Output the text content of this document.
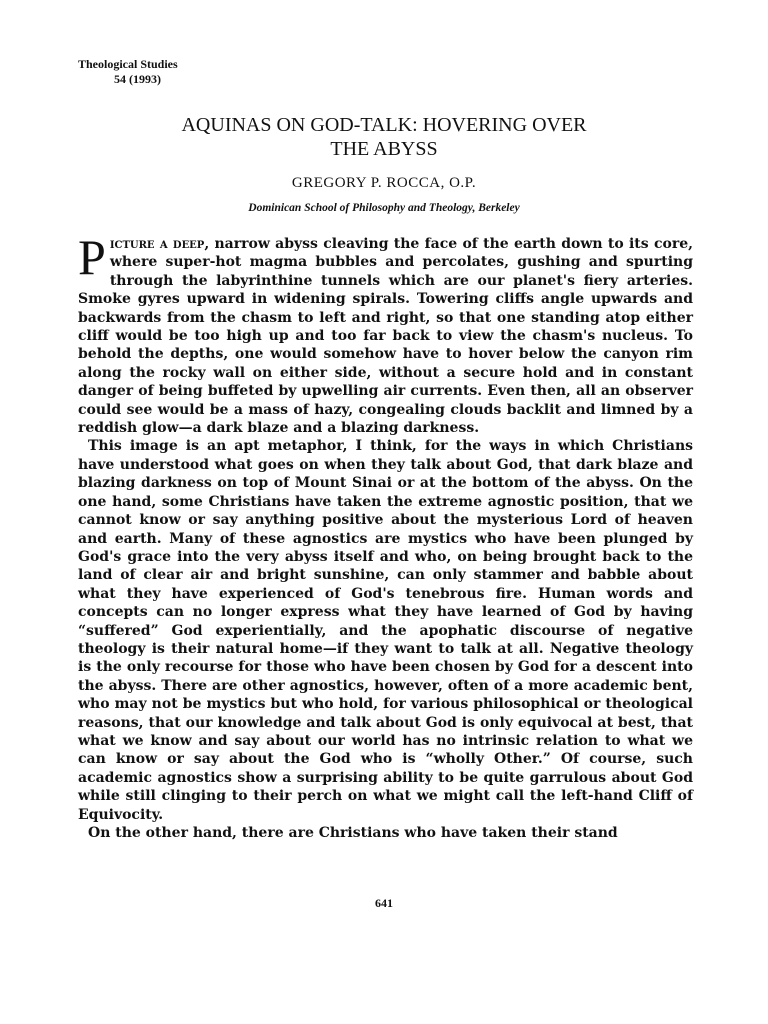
Theological Studies
54 (1993)
AQUINAS ON GOD-TALK: HOVERING OVER
THE ABYSS
GREGORY P. ROCCA, O.P.
Dominican School of Philosophy and Theology, Berkeley

Picture a deep, narrow abyss cleaving the face of the earth down to its core, where super-hot magma bubbles and percolates, gushing and spurting through the labyrinthine tunnels which are our planet's fiery arteries. Smoke gyres upward in widening spirals. Towering cliffs angle upwards and backwards from the chasm to left and right, so that one standing atop either cliff would be too high up and too far back to view the chasm's nucleus. To behold the depths, one would somehow have to hover below the canyon rim along the rocky wall on either side, without a secure hold and in constant danger of being buffeted by upwelling air currents. Even then, all an observer could see would be a mass of hazy, congealing clouds backlit and limned by a reddish glow—a dark blaze and a blazing darkness.

This image is an apt metaphor, I think, for the ways in which Christians have understood what goes on when they talk about God, that dark blaze and blazing darkness on top of Mount Sinai or at the bottom of the abyss. On the one hand, some Christians have taken the extreme agnostic position, that we cannot know or say anything positive about the mysterious Lord of heaven and earth. Many of these agnostics are mystics who have been plunged by God's grace into the very abyss itself and who, on being brought back to the land of clear air and bright sunshine, can only stammer and babble about what they have experienced of God's tenebrous fire. Human words and concepts can no longer express what they have learned of God by having “suffered” God experientially, and the apophatic discourse of negative theology is their natural home—if they want to talk at all. Negative theology is the only recourse for those who have been chosen by God for a descent into the abyss. There are other agnostics, however, often of a more academic bent, who may not be mystics but who hold, for various philosophical or theological reasons, that our knowledge and talk about God is only equivocal at best, that what we know and say about our world has no intrinsic relation to what we can know or say about the God who is “wholly Other.” Of course, such academic agnostics show a surprising ability to be quite garrulous about God while still clinging to their perch on what we might call the left-hand Cliff of Equivocity.

On the other hand, there are Christians who have taken their stand

641
